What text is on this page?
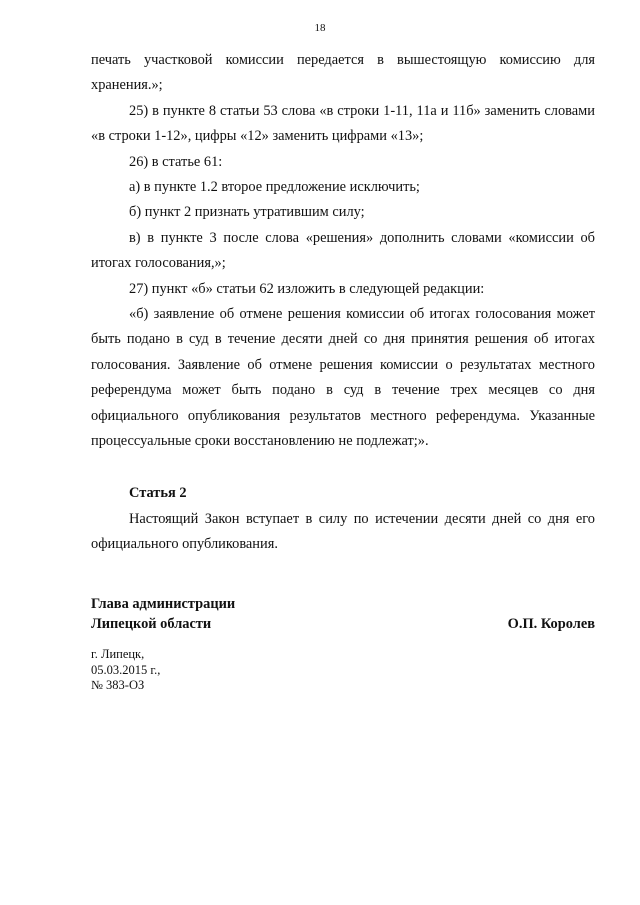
18

печать участковой комиссии передается в вышестоящую комиссию для хранения.»;

25) в пункте 8 статьи 53 слова «в строки 1-11, 11а и 11б» заменить словами «в строки 1-12», цифры «12» заменить цифрами «13»;

26) в статье 61:

а) в пункте 1.2 второе предложение исключить;

б) пункт 2 признать утратившим силу;

в) в пункте 3 после слова «решения» дополнить словами «комиссии об итогах голосования,»;

27) пункт «б» статьи 62 изложить в следующей редакции:

«б) заявление об отмене решения комиссии об итогах голосования может быть подано в суд в течение десяти дней со дня принятия решения об итогах голосования. Заявление об отмене решения комиссии о результатах местного референдума может быть подано в суд в течение трех месяцев со дня официального опубликования результатов местного референдума. Указанные процессуальные сроки восстановлению не подлежат;».

Статья 2

Настоящий Закон вступает в силу по истечении десяти дней со дня его официального опубликования.

Глава администрации
Липецкой области	О.П. Королев
г. Липецк,
05.03.2015 г.,
№ 383-ОЗ
